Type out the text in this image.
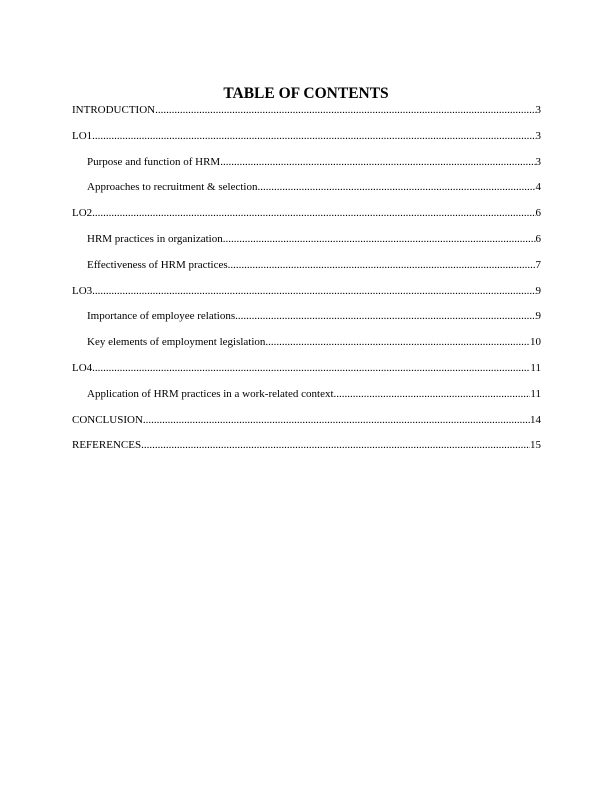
TABLE OF CONTENTS
INTRODUCTION .....	3
LO1 .....	3
Purpose and function of HRM .....	3
Approaches to recruitment & selection .....	4
LO2 .....	6
HRM practices in organization .....	6
Effectiveness of HRM practices .....	7
LO3 .....	9
Importance of employee relations .....	9
Key elements of employment legislation .....	10
LO4 .....	11
Application of HRM practices in a work-related context .....	11
CONCLUSION .....	14
REFERENCES .....	15
